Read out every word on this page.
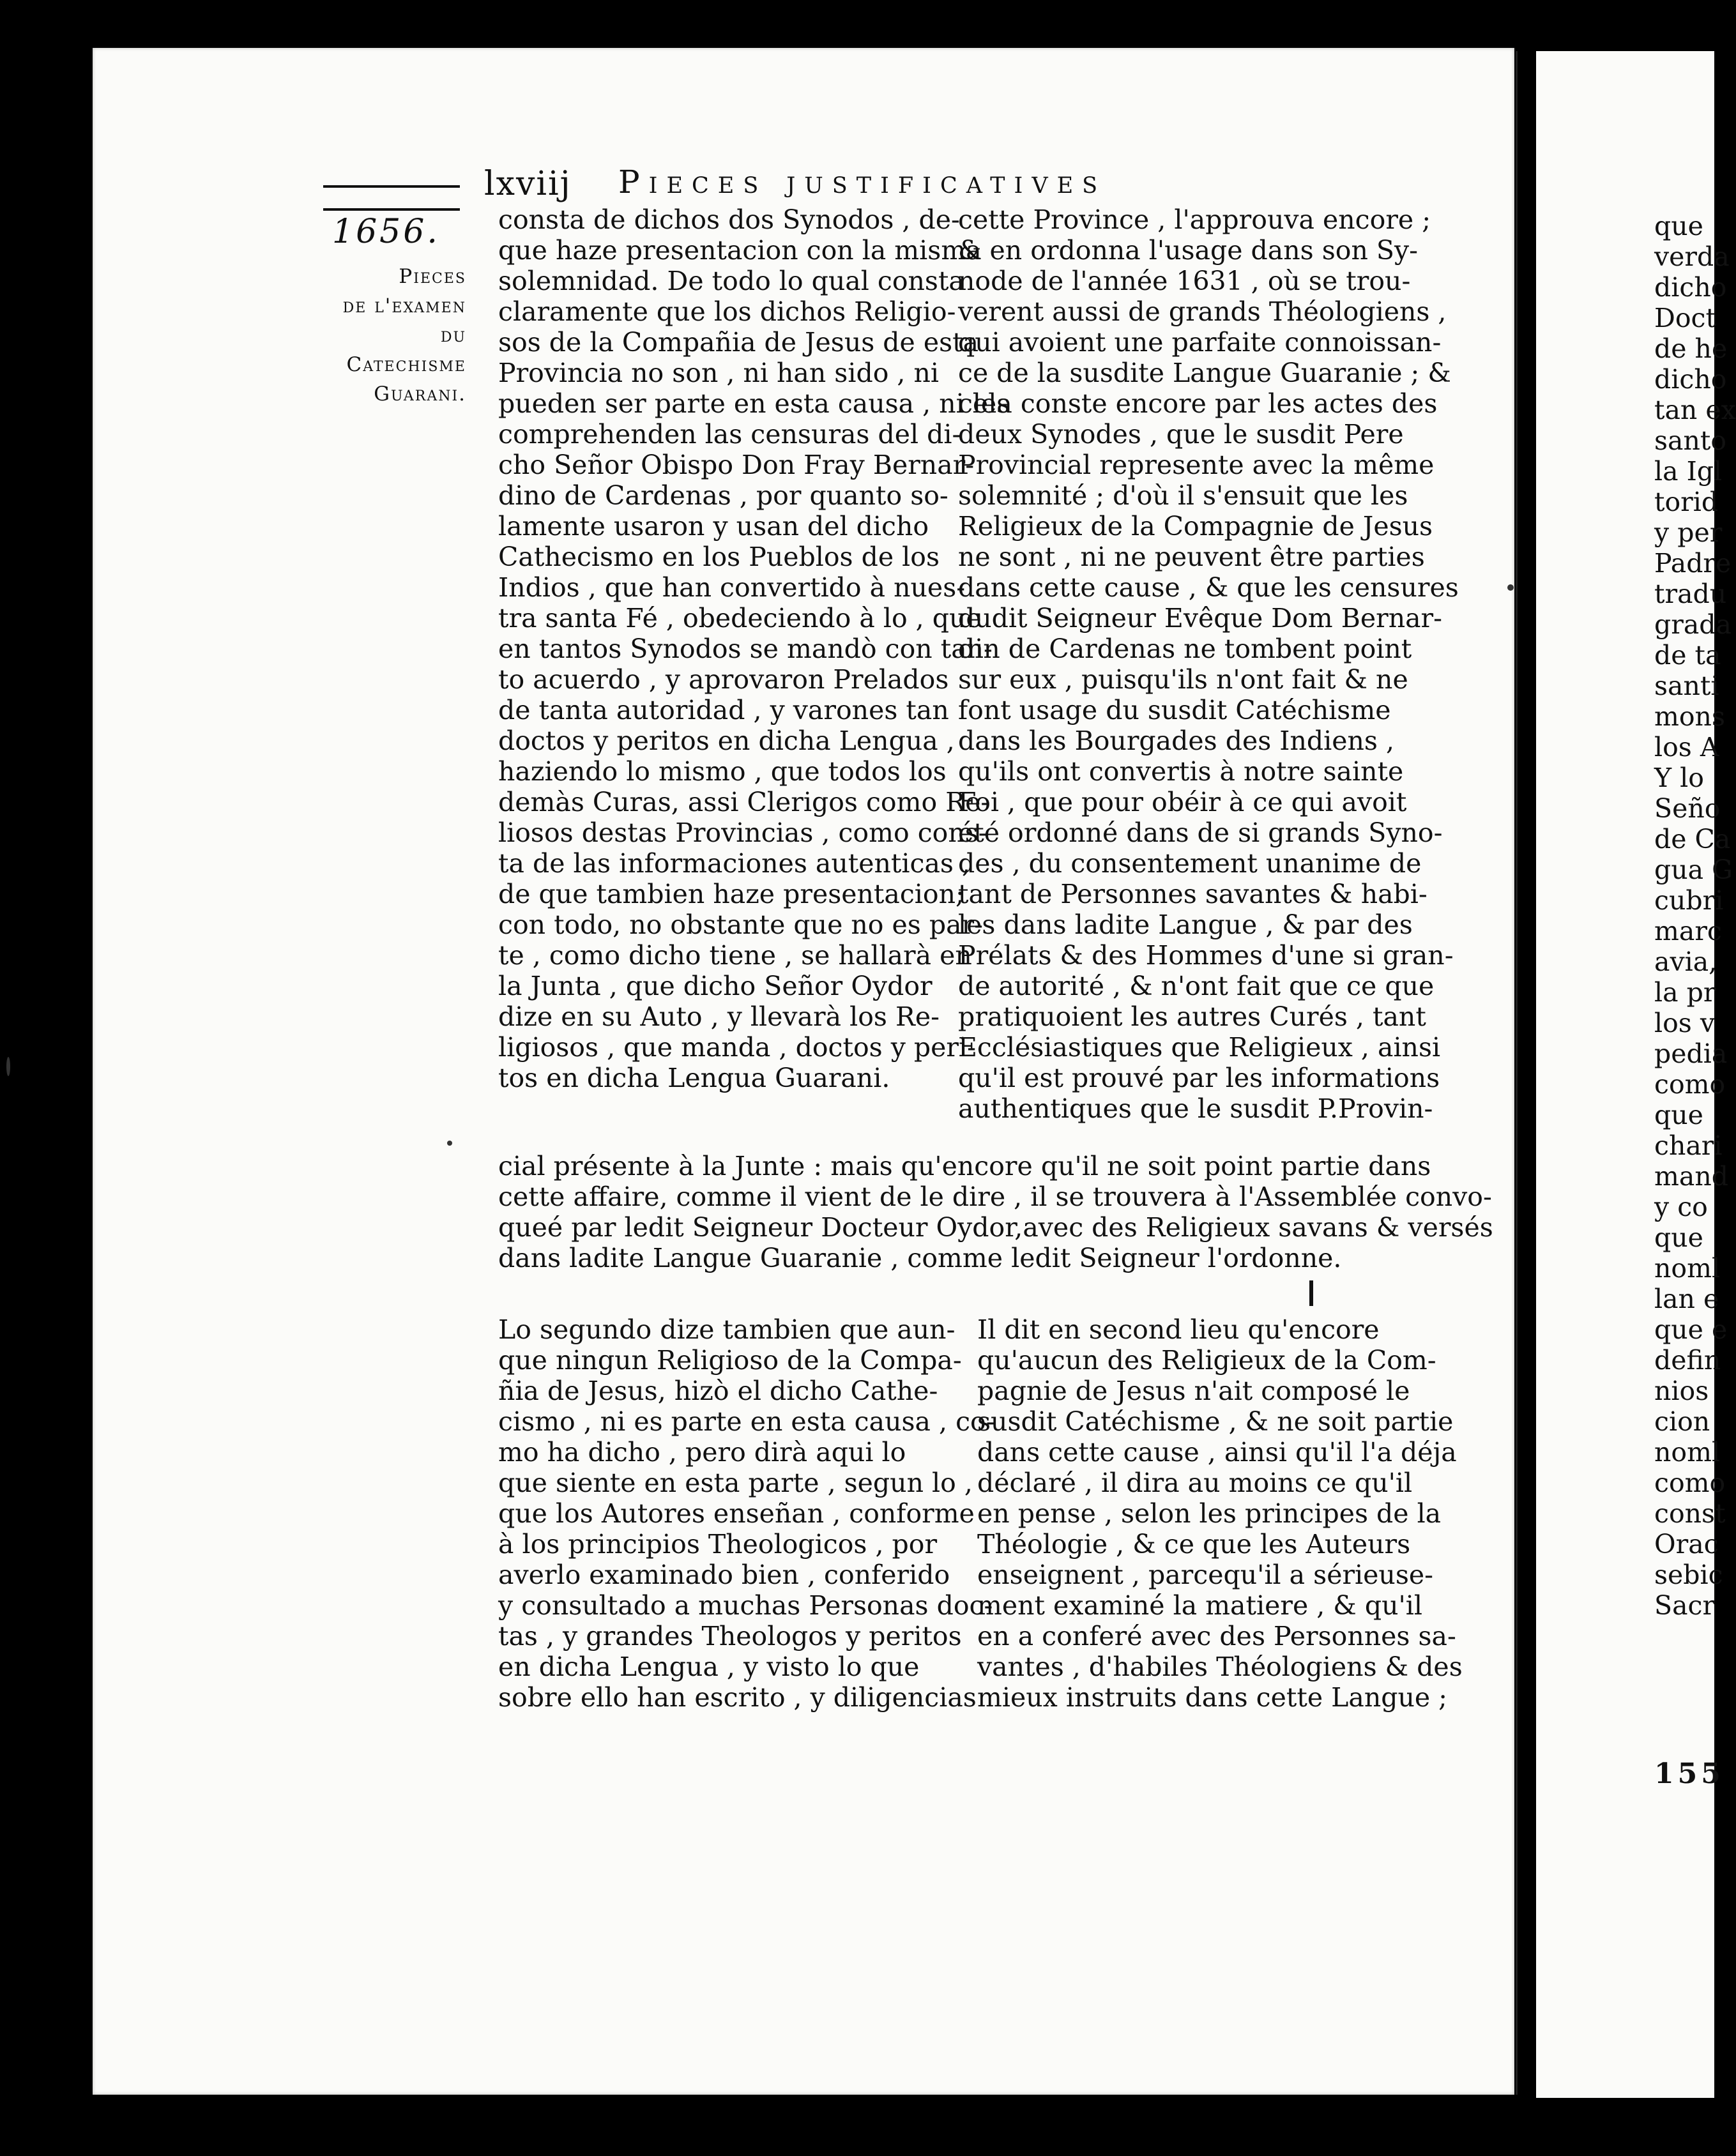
lxviij Pieces justificatives
1656.
Pieces
de l'examen
du
Catechisme
Guarani.
consta de dichos dos Synodos , de-
que haze presentacion con la misma
solemnidad. De todo lo qual consta
claramente que los dichos Religio-
sos de la Compañia de Jesus de esta
Provincia no son , ni han sido , ni
pueden ser parte en esta causa , ni les
comprehenden las censuras del di-
cho Señor Obispo Don Fray Bernar-
dino de Cardenas , por quanto so-
lamente usaron y usan del dicho
Cathecismo en los Pueblos de los
Indios , que han convertido à nues-
tra santa Fé , obedeciendo à lo , que
en tantos Synodos se mandò con tan-
to acuerdo , y aprovaron Prelados
de tanta autoridad , y varones tan
doctos y peritos en dicha Lengua ,
haziendo lo mismo , que todos los
demàs Curas, assi Clerigos como Re-
liosos destas Provincias , como cons-
ta de las informaciones autenticas ,
de que tambien haze presentacion;
con todo, no obstante que no es par-
te , como dicho tiene , se hallarà en
la Junta , que dicho Señor Oydor
dize en su Auto , y llevarà los Re-
ligiosos , que manda , doctos y peri-
tos en dicha Lengua Guarani.
cette Province , l'approuva encore ;
& en ordonna l'usage dans son Sy-
node de l'année 1631 , où se trou-
verent aussi de grands Théologiens ,
qui avoient une parfaite connoissan-
ce de la susdite Langue Guaranie ; &
cela conste encore par les actes des
deux Synodes , que le susdit Pere
Provincial represente avec la même
solemnité ; d'où il s'ensuit que les
Religieux de la Compagnie de Jesus
ne sont , ni ne peuvent être parties
dans cette cause , & que les censures
dudit Seigneur Evêque Dom Bernar-
din de Cardenas ne tombent point
sur eux , puisqu'ils n'ont fait & ne
font usage du susdit Catéchisme
dans les Bourgades des Indiens ,
qu'ils ont convertis à notre sainte
Foi , que pour obéir à ce qui avoit
été ordonné dans de si grands Syno-
des , du consentement unanime de
tant de Personnes savantes & habi-
les dans ladite Langue , & par des
Prélats & des Hommes d'une si gran-
de autorité , & n'ont fait que ce que
pratiquoient les autres Curés , tant
Ecclésiastiques que Religieux , ainsi
qu'il est prouvé par les informations
authentiques que le susdit P.Provin-
cial présente à la Junte : mais qu'encore qu'il ne soit point partie dans
cette affaire, comme il vient de le dire , il se trouvera à l'Assemblée convo-
queé par ledit Seigneur Docteur Oydor,avec des Religieux savans & versés
dans ladite Langue Guaranie , comme ledit Seigneur l'ordonne.
Lo segundo dize tambien que aun-
que ningun Religioso de la Compa-
ñia de Jesus, hizò el dicho Cathe-
cismo , ni es parte en esta causa , co-
mo ha dicho , pero dirà aqui lo
que siente en esta parte , segun lo ,
que los Autores enseñan , conforme
à los principios Theologicos , por
averlo examinado bien , conferido
y consultado a muchas Personas doc-
tas , y grandes Theologos y peritos
en dicha Lengua , y visto lo que
sobre ello han escrito , y diligencias
Il dit en second lieu qu'encore
qu'aucun des Religieux de la Com-
pagnie de Jesus n'ait composé le
susdit Catéchisme , & ne soit partie
dans cette cause , ainsi qu'il l'a déja
déclaré , il dira au moins ce qu'il
en pense , selon les principes de la
Théologie , & ce que les Auteurs
enseignent , parcequ'il a sérieuse-
ment examiné la matiere , & qu'il
en a conferé avec des Personnes sa-
vantes , d'habiles Théologiens & des
mieux instruits dans cette Langue ;
que
verda
dicho
Doct
de he
dicho
tan ex
santo
la Igl
torid
y per
Padre
tradu
grada
de ta
santi
mons
los A
Y lo
Seño
de Ca
gua G
cubri
marc
avia,
la pr
los v
pedia
como
que
chari
mand
y co
que
noml
lan e
que e
defin
nios
cion
noml
como
const
Orac
sebic
Sacr
155
